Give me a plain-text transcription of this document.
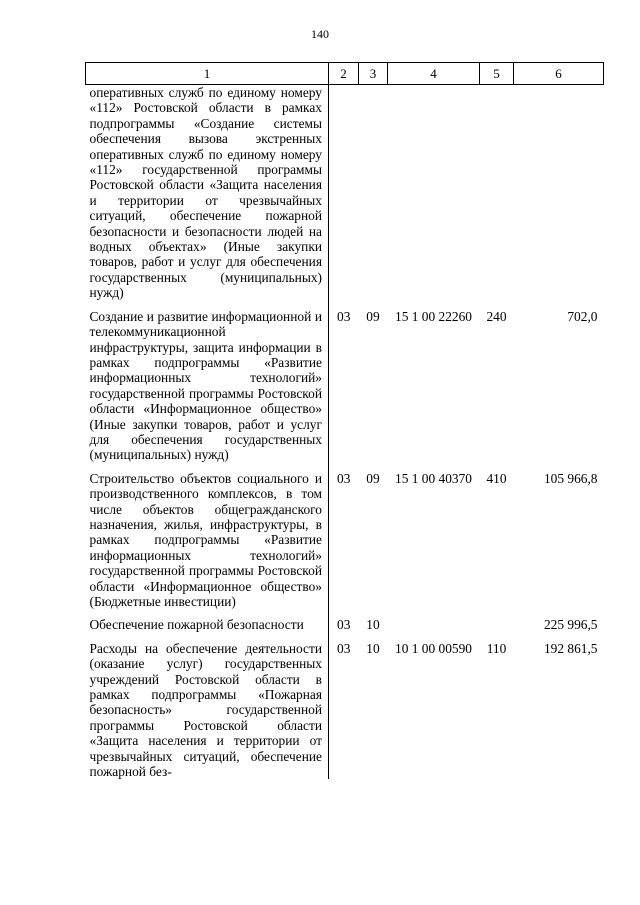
140
1	2	3	4	5	6
оперативных служб по единому номеру «112» Ростовской области в рамках подпрограммы «Создание системы обеспечения вызова экстренных оперативных служб по единому номеру «112» государственной программы Ростовской области «Защита населения и территории от чрезвычайных ситуаций, обеспечение пожарной безопасности и безопасности людей на водных объектах» (Иные закупки товаров, работ и услуг для обеспечения государственных (муниципальных) нужд)					
Создание и развитие информационной и телекоммуникационной инфраструктуры, защита информации в рамках подпрограммы «Развитие информационных технологий» государственной программы Ростовской области «Информационное общество» (Иные закупки товаров, работ и услуг для обеспечения государственных (муниципальных) нужд)	03	09	15 1 00 22260	240	702,0
Строительство объектов социального и производственного комплексов, в том числе объектов общегражданского назначения, жилья, инфраструктуры, в рамках подпрограммы «Развитие информационных технологий» государственной программы Ростовской области «Информационное общество» (Бюджетные инвестиции)	03	09	15 1 00 40370	410	105 966,8
Обеспечение пожарной безопасности	03	10			225 996,5
Расходы на обеспечение деятельности (оказание услуг) государственных учреждений Ростовской области в рамках подпрограммы «Пожарная безопасность» государственной программы Ростовской области «Защита населения и территории от чрезвычайных ситуаций, обеспечение пожарной без-	03	10	10 1 00 00590	110	192 861,5
